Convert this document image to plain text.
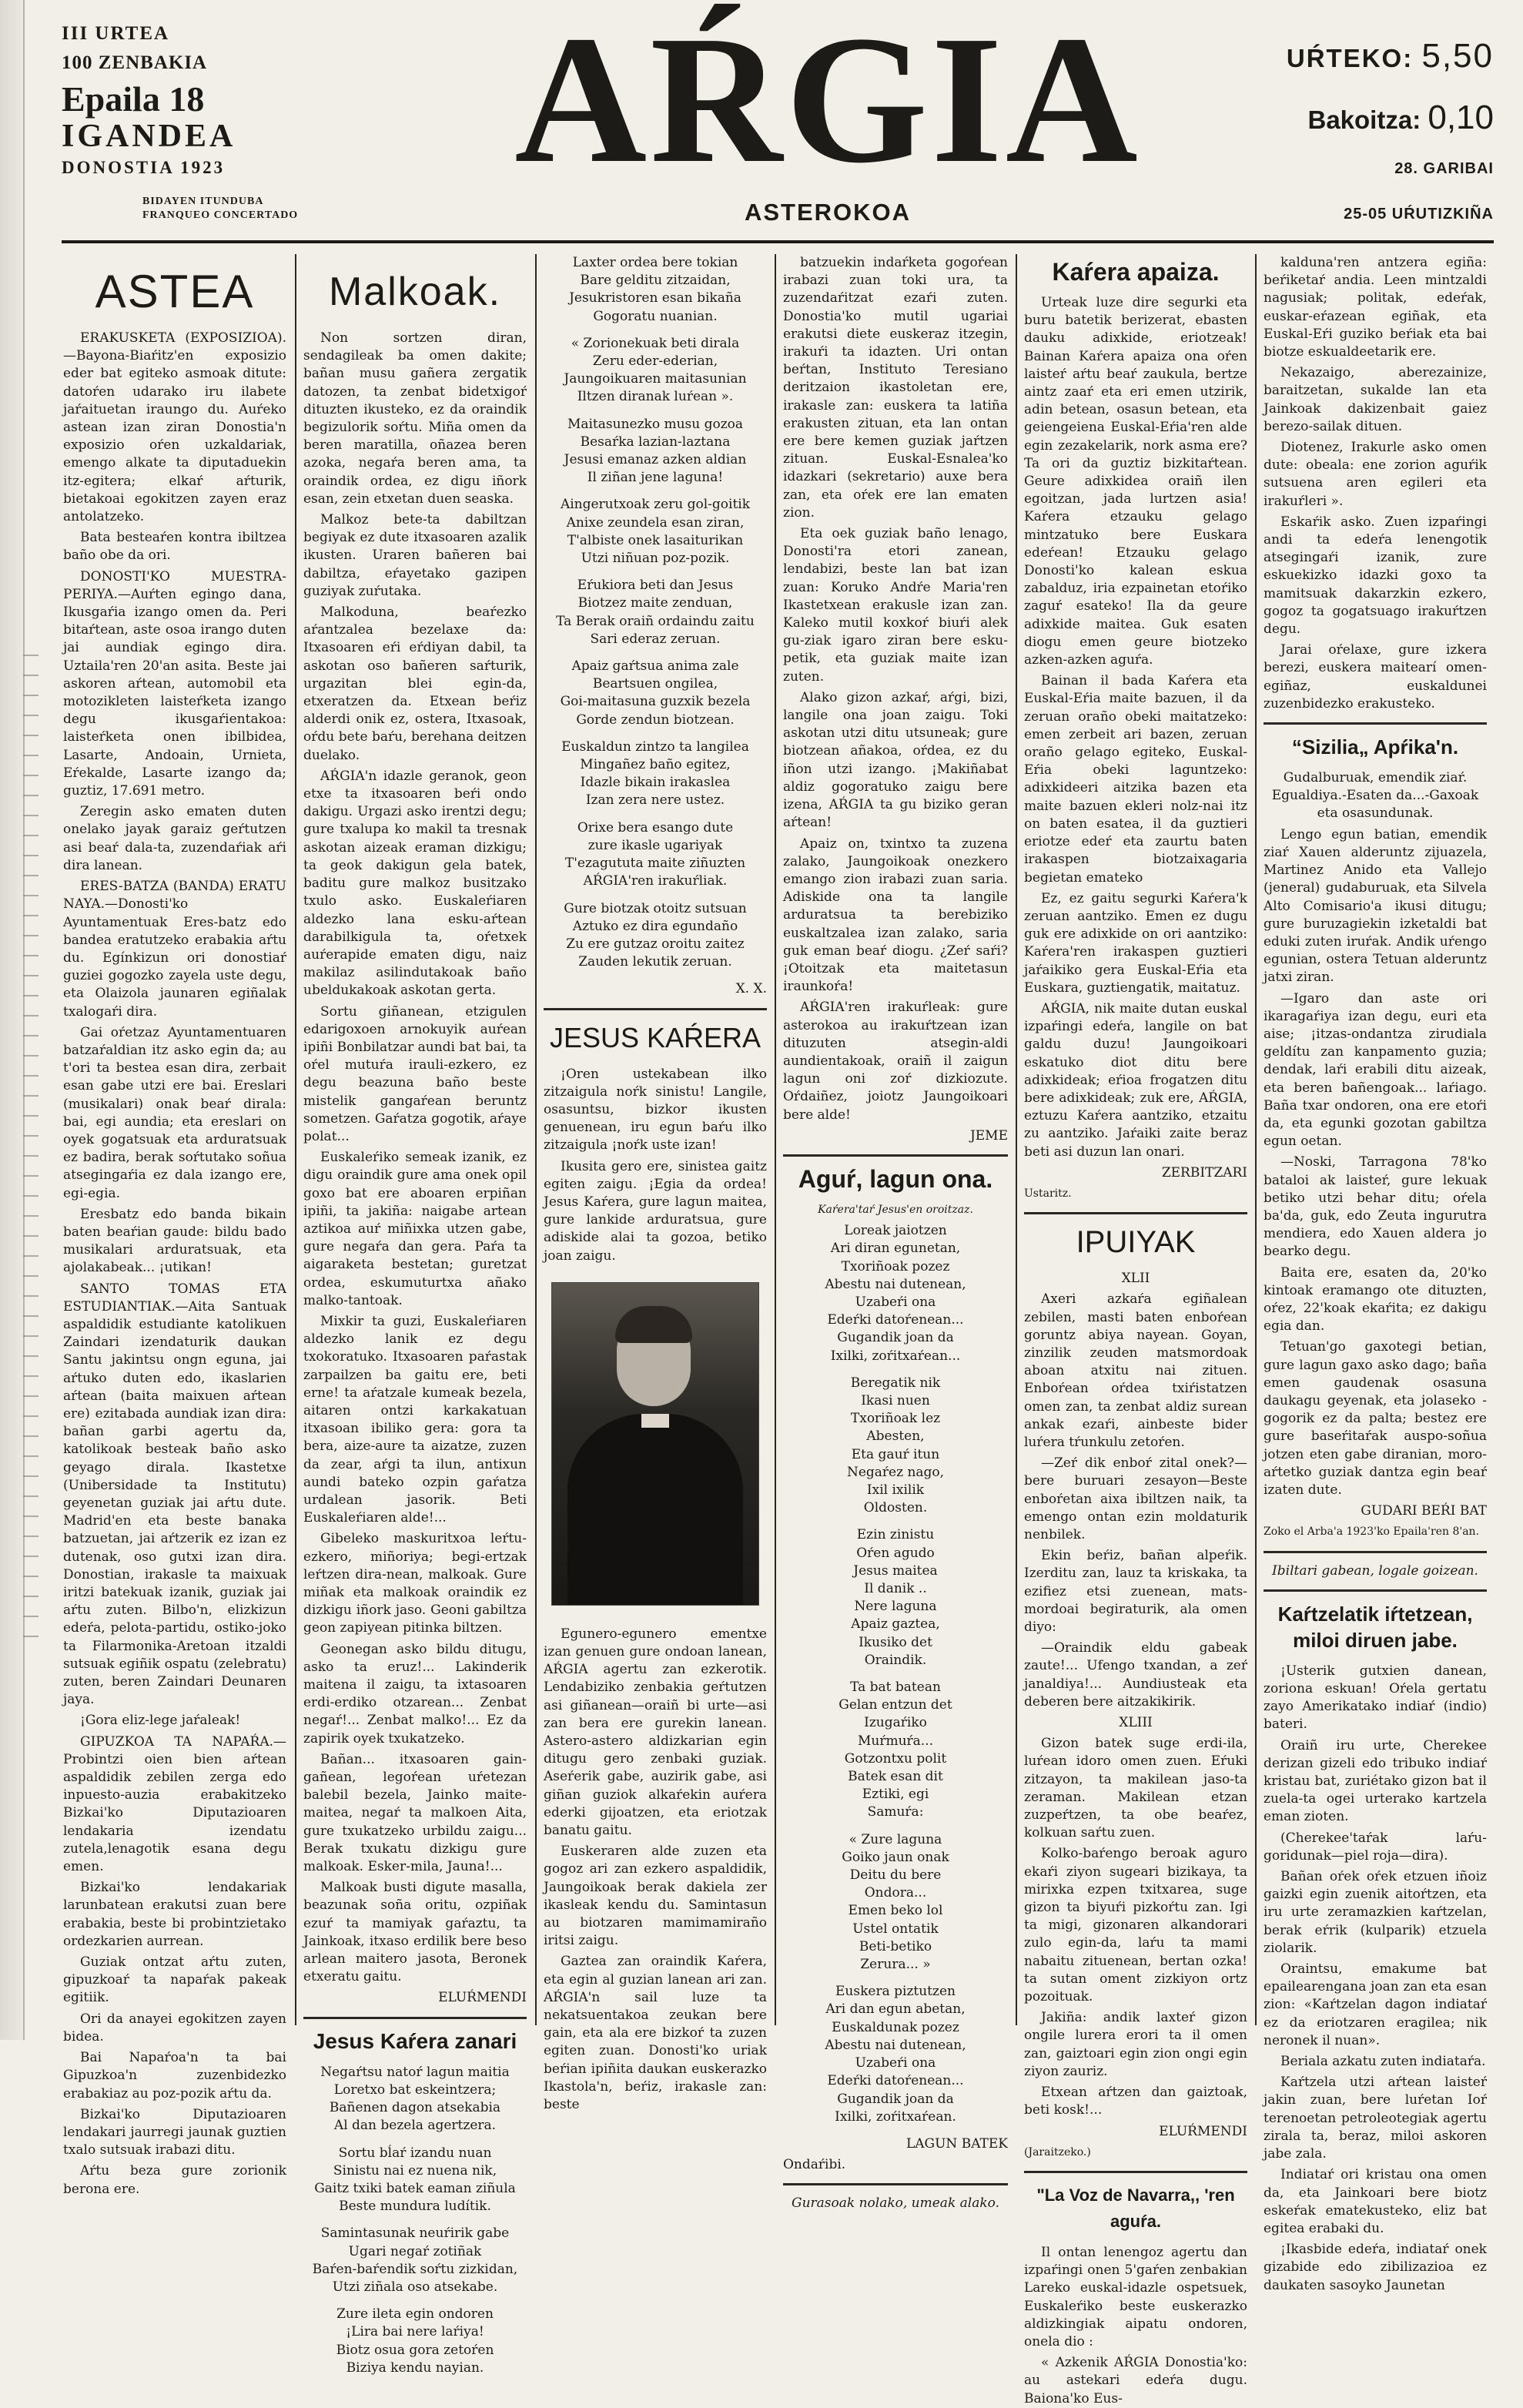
III URTEA
100 ZENBAKIA
Epaila 18
IGANDEA
DONOSTIA 1923
BIDAYEN ITUNDUBA
FRANQUEO CONCERTADO
AŔGIA
ASTEROKOA
UŔTEKO: 5,50
Bakoitza: 0,10
28. GARIBAI
25-05 UŔUTIZKIÑA
ASTEA

ERAKUSKETA (EXPOSIZIOA).—Bayona-Biaŕitz'en exposizio eder bat egiteko asmoak ditute: datoŕen udarako iru ilabete jaŕaituetan iraungo du. Auŕeko astean izan ziran Donostia'n exposizio oŕen uzkaldariak, emengo alkate ta diputaduekin itz-egitera; elkaŕ aŕturik, bietakoai egokitzen zayen eraz antolatzeko.

Bata besteaŕen kontra ibiltzea baño obe da ori.

DONOSTI'KO MUESTRA-PERIYA.—Auŕten egingo dana, Ikusgaŕia izango omen da. Peri bitaŕtean, aste osoa irango duten jai aundiak egingo dira. Uztaila'ren 20'an asita. Beste jai askoren aŕtean, automobil eta motozikleten laisteŕketa izango degu ikusgaŕientakoa: laisteŕketa onen ibilbidea, Lasarte, Andoain, Urnieta, Eŕekalde, Lasarte izango da; guztiz, 17.691 metro.

Zeregin asko ematen duten onelako jayak garaiz geŕtutzen asi beaŕ dala-ta, zuzendaŕiak aŕi dira lanean.

ERES-BATZA (BANDA) ERATU NAYA.—Donosti'ko Ayuntamentuak Eres-batz edo bandea eratutzeko erabakia aŕtu du. Egínkizun ori donostiaŕ guziei gogozko zayela uste degu, eta Olaizola jaunaren egiñalak txalogaŕi dira.

Gai oŕetzaz Ayuntamentuaren batzaŕaldian itz asko egin da; au t'ori ta bestea esan dira, zerbait esan gabe utzi ere bai. Ereslari (musikalari) onak beaŕ dirala: bai, egi aundia; eta ereslari on oyek gogatsuak eta arduratsuak ez badira, berak soŕtutako soñua atsegingaŕia ez dala izango ere, egi-egia.

Eresbatz edo banda bikain baten beaŕian gaude: bildu bado musikalari arduratsuak, eta ajolakabeak... ¡utikan!

SANTO TOMAS ETA ESTUDIANTIAK.—Aita Santuak aspaldidik estudiante katolikuen Zaindari izendaturik daukan Santu jakintsu ongn eguna, jai aŕtuko duten edo, ikaslarien aŕtean (baita maixuen aŕtean ere) ezitabada aundiak izan dira: bañan garbi agertu da, katolikoak besteak baño asko geyago dirala. Ikastetxe (Unibersidade ta Institutu) geyenetan guziak jai aŕtu dute. Madrid'en eta beste banaka batzuetan, jai aŕtzerik ez izan ez dutenak, oso gutxi izan dira. Donostian, irakasle ta maixuak iritzi batekuak izanik, guziak jai aŕtu zuten. Bilbo'n, elizkizun edeŕa, pelota-partidu, ostiko-joko ta Filarmonika-Aretoan itzaldi sutsuak egiñik ospatu (zelebratu) zuten, beren Zaindari Deunaren jaya.

¡Gora eliz-lege jaŕaleak!

GIPUZKOA TA NAPAŔA.—Probintzi oien bien aŕtean aspaldidik zebilen zerga edo inpuesto-auzia erabakitzeko Bizkai'ko Diputazioaren lendakaria izendatu zutela,lenagotik esana degu emen.

Bizkai'ko lendakariak larunbatean erakutsi zuan bere erabakia, beste bi probintzietako ordezkarien aurrean.

Guziak ontzat aŕtu zuten, gipuzkoaŕ ta napaŕak pakeak egitiik.

Ori da anayei egokitzen zayen bidea.

Bai Napaŕoa'n ta bai Gipuzkoa'n zuzenbidezko erabakiaz au poz-pozik aŕtu da.

Bizkai'ko Diputazioaren lendakari jaurregi jaunak guztien txalo sutsuak irabazi ditu.

Aŕtu beza gure zorionik berona ere.

Malkoak.

Non sortzen diran, sendagileak ba omen dakite; bañan musu gañera zergatik datozen, ta zenbat bidetxigoŕ dituzten ikusteko, ez da oraindik begizulorik soŕtu. Miña omen da beren maratilla, oñazea beren azoka, negaŕa beren ama, ta oraindik ordea, ez digu iñork esan, zein etxetan duen seaska.

Malkoz bete-ta dabiltzan begiyak ez dute itxasoaren azalik ikusten. Uraren bañeren bai dabiltza, eŕayetako gazipen guziyak zuŕutaka.

Malkoduna, beaŕezko aŕantzalea bezelaxe da: Itxasoaren eŕi eŕdiyan dabil, ta askotan oso bañeren saŕturik, urgazitan blei egin-da, etxeratzen da. Etxean beŕiz alderdi onik ez, ostera, Itxasoak, oŕdu bete baŕu, berehana deitzen duelako.

AŔGIA'n idazle geranok, geon etxe ta itxasoaren beŕi ondo dakigu. Urgazi asko irentzi degu; gure txalupa ko makil ta tresnak askotan aizeak eraman dizkigu; ta geok dakigun gela batek, baditu gure malkoz busitzako txulo asko. Euskaleŕiaren aldezko lana esku-aŕtean darabilkigula ta, oŕetxek auŕerapide ematen digu, naiz makilaz asilindutakoak baño ubeldukakoak askotan gerta.

Sortu giñanean, etzigulen edarigoxoen arnokuyik auŕean ipiñi Bonbilatzar aundi bat bai, ta oŕel mutuŕa irauli-ezkero, ez degu beazuna baño beste mistelik gangaŕean beruntz sometzen. Gaŕatza gogotik, aŕaye polat...

Euskaleŕiko semeak izanik, ez digu oraindik gure ama onek opil goxo bat ere aboaren erpiñan ipiñi, ta jakiña: naigabe artean aztikoa auŕ miñixka utzen gabe, gure negaŕa dan gera. Paŕa ta aigaraketa bestetan; guretzat ordea, eskumuturtxa añako malko-tantoak.

Mixkir ta guzi, Euskaleŕiaren aldezko lanik ez degu txokoratuko. Itxasoaren paŕastak zarpailzen ba gaitu ere, beti erne! ta aŕatzale kumeak bezela, aitaren ontzi karkakatuan itxasoan ibiliko gera: gora ta bera, aize-aure ta aizatze, zuzen da zear, aŕgi ta ilun, antixun aundi bateko ozpin gaŕatza urdalean jasorik. Beti Euskaleŕiaren alde!...

Gibeleko maskuritxoa leŕtu-ezkero, miñoriya; begi-ertzak leŕtzen dira-nean, malkoak. Gure miñak eta malkoak oraindik ez dizkigu iñork jaso. Geoni gabiltza geon zapiyean pitinka biltzen.

Geonegan asko bildu ditugu, asko ta eruz!... Lakinderik maitena il zaigu, ta ixtasoaren erdi-erdiko otzarean... Zenbat negaŕ!... Zenbat malko!... Ez da zapirik oyek txukatzeko.

Bañan... itxasoaren gain-gañean, legoŕean uŕetezan balebil bezela, Jainko maite-maitea, negaŕ ta malkoen Aita, gure txukatzeko urbildu zaigu... Berak txukatu dizkigu gure malkoak. Esker-mila, Jauna!...

Malkoak busti digute masalla, beazunak soña oritu, ozpiñak ezuŕ ta mamiyak gaŕaztu, ta Jainkoak, itxaso erdilik bere beso arlean maitero jasota, Beronek etxeratu gaitu.

ELUŔMENDI

Jesus Kaŕera zanari

Negaŕtsu natoŕ lagun maitia

Loretxo bat eskeintzera;

Bañenen dagon atsekabia

Al dan bezela agertzera.

Sortu bĺaŕ izandu nuan

Sinistu nai ez nuena nik,

Gaitz txiki batek eaman ziñula

Beste mundura ludítik.

Samintasunak neuŕirik gabe

Ugari negaŕ zotiñak

Baŕen-baŕendik soŕtu zizkidan,

Utzi ziñala oso atsekabe.

Zure ileta egin ondoren

¡Lira bai nere laŕiya!

Biotz osua gora zetoŕen

Biziya kendu nayian.

Laxter ordea bere tokian

Bare gelditu zitzaidan,

Jesukristoren esan bikaña

Gogoratu nuanian.

« Zorionekuak beti dirala

Zeru eder-ederian,

Jaungoikuaren maitasunian

Iltzen diranak luŕean ».

Maitasunezko musu gozoa

Besaŕka lazian-laztana

Jesusi emanaz azken aldian

Il ziñan jene laguna!

Aingerutxoak zeru gol-goitik

Anixe zeundela esan ziran,

T'albiste onek lasaiturikan

Utzi niñuan poz-pozik.

Eŕukiora beti dan Jesus

Biotzez maite zenduan,

Ta Berak oraiñ ordaindu zaitu

Sari ederaz zeruan.

Apaiz gaŕtsua anima zale

Beartsuen ongilea,

Goi-maitasuna guzxik bezela

Gorde zendun biotzean.

Euskaldun zintzo ta langilea

Mingañez baño egitez,

Idazle bikain irakaslea

Izan zera nere ustez.

Orixe bera esango dute

zure ikasle ugariyak

T'ezagututa maite ziñuzten

AŔGIA'ren irakuŕliak.

Gure biotzak otoitz sutsuan

Aztuko ez dira egundaño

Zu ere gutzaz oroitu zaitez

Zauden lekutik zeruan.

X. X.

JESUS KAŔERA

¡Oren ustekabean ilko zitzaigula noŕk sinistu! Langile, osasuntsu, bizkor ikusten genuenean, iru egun baŕu ilko zitzaigula ¡noŕk uste izan!

Ikusita gero ere, sinistea gaitz egiten zaigu. ¡Egia da ordea! Jesus Kaŕera, gure lagun maitea, gure lankide arduratsua, gure adiskide alai ta gozoa, betiko joan zaigu.

Egunero-egunero ementxe izan genuen gure ondoan lanean, AŔGIA agertu zan ezkerotik. Lendabiziko zenbakia geŕtutzen asi giñanean—oraiñ bi urte—asi zan bera ere gurekin lanean. Astero-astero aldizkarian egin ditugu gero zenbaki guziak. Aseŕerik gabe, auzirik gabe, asi giñan guziok alkaŕekin auŕera ederki gijoatzen, eta eriotzak banatu gaitu.

Euskeraren alde zuzen eta gogoz ari zan ezkero aspaldidik, Jaungoikoak berak dakiela zer ikasleak kendu du. Samintasun au biotzaren mamimamiraño iritsi zaigu.

Gaztea zan oraindik Kaŕera, eta egin al guzian lanean ari zan. AŔGIA'n sail luze ta nekatsuentakoa zeukan bere gain, eta ala ere bizkoŕ ta zuzen egiten zuan. Donosti'ko uriak beŕian ipiñita daukan euskerazko Ikastola'n, beŕiz, irakasle zan: beste

batzuekin indaŕketa gogoŕean irabazi zuan toki ura, ta zuzendaŕitzat ezaŕi zuten. Donostia'ko mutil ugariai erakutsi diete euskeraz itzegin, irakuŕi ta idazten. Uri ontan beŕtan, Instituto Teresiano deritzaion ikastoletan ere, irakasle zan: euskera ta latiña erakusten zituan, eta lan ontan ere bere kemen guziak jaŕtzen zituan. Euskal-Esnalea'ko idazkari (sekretario) auxe bera zan, eta oŕek ere lan ematen zion.

Eta oek guziak baño lenago, Donosti'ra etori zanean, lendabizi, beste lan bat izan zuan: Koruko Andŕe Maria'ren Ikastetxean erakusle izan zan. Kaleko mutil koxkoŕ biuŕi alek gu-ziak igaro ziran bere esku-petik, eta guziak maite izan zuten.

Alako gizon azkaŕ, aŕgi, bizi, langile ona joan zaigu. Toki askotan utzi ditu utsuneak; gure biotzean añakoa, oŕdea, ez du iñon utzi izango. ¡Makiñabat aldiz gogoratuko zaigu bere izena, AŔGIA ta gu biziko geran aŕtean!

Apaiz on, txintxo ta zuzena zalako, Jaungoikoak onezkero emango zion irabazi zuan saria. Adiskide ona ta langile arduratsua ta berebiziko euskaltzalea izan zalako, saria guk eman beaŕ diogu. ¿Zeŕ saŕi? ¡Otoitzak eta maitetasun iraunkoŕa!

AŔGIA'ren irakuŕleak: gure asterokoa au irakuŕtzean izan dituzuten atsegin-aldi aundientakoak, oraiñ il zaigun lagun oni zoŕ dizkiozute. Oŕdaiñez, joiotz Jaungoikoari bere alde!

JEME

Aguŕ, lagun ona.

Kaŕera'taŕ Jesus'en oroitzaz.

Loreak jaiotzen

Ari diran egunetan,

Txoriñoak pozez

Abestu nai dutenean,

Uzabeŕi ona

Edeŕki datoŕenean...

Gugandik joan da

Ixilki, zoŕitxaŕean...

Beregatik nik

Ikasi nuen

Txoriñoak lez

Abesten,

Eta gauŕ itun

Negaŕez nago,

Ixil ixilik

Oldosten.

Ezin zinistu

Oŕen agudo

Jesus maitea

Il danik ..

Nere laguna

Apaiz gaztea,

Ikusiko det

Oraindik.

Ta bat batean

Gelan entzun det

Izugaŕiko

Muŕmuŕa...

Gotzontxu polit

Batek esan dit

Eztiki, egi

Samuŕa:

« Zure laguna

Goiko jaun onak

Deitu du bere

Ondora...

Emen beko lol

Ustel ontatik

Beti-betiko

Zerura... »

Euskera piztutzen

Ari dan egun abetan,

Euskaldunak pozez

Abestu nai dutenean,

Uzabeŕi ona

Edeŕki datoŕenean...

Gugandik joan da

Ixilki, zoŕitxaŕean.

LAGUN BATEK

Ondaŕibi.

Gurasoak nolako, umeak alako.

Kaŕera apaiza.

Urteak luze dire segurki eta buru batetik berizerat, ebasten dauku adixkide, eriotzeak! Bainan Kaŕera apaiza ona oŕen laisteŕ aŕtu beaŕ zaukula, bertze aintz zaaŕ eta eri emen utzirik, adin betean, osasun betean, eta geiengeiena Euskal-Eŕia'ren alde egin zezakelarik, nork asma ere? Ta ori da guztiz bizkitaŕtean. Geure adixkidea oraiñ ilen egoitzan, jada lurtzen asia! Kaŕera etzauku gelago mintzatuko bere Euskara edeŕean! Etzauku gelago Donosti'ko kalean eskua zabalduz, iria ezpainetan etoŕiko zaguŕ esateko! Ila da geure adixkide maitea. Guk esaten diogu emen geure biotzeko azken-azken aguŕa.

Bainan il bada Kaŕera eta Euskal-Eŕia maite bazuen, il da zeruan oraño obeki maitatzeko: emen zerbeit ari bazen, zeruan oraño gelago egiteko, Euskal-Eŕia obeki laguntzeko: adixkideeri aitzika bazen eta maite bazuen ekleri nolz-nai itz on baten esatea, il da guztieri eriotze edeŕ eta zaurtu baten irakaspen biotzaixagaria begietan ematekо

Ez, ez gaitu segurki Kaŕera'k zeruan aantziko. Emen ez dugu guk ere adixkide on ori aantziko: Kaŕera'ren irakaspen guztieri jaŕaikiko gera Euskal-Eŕia eta Euskara, guztiengatik, maitatuz.

AŔGIA, nik maite dutan euskal izpaŕingi edeŕa, langile on bat galdu duzu! Jaungoikoari eskatuko diot ditu bere adixkideak; eŕioa frogatzen ditu bere adixkideak; zuk ere, AŔGIA, eztuzu Kaŕera aantziko, etzaitu zu aantziko. Jaŕaiki zaite beraz beti asi duzun lan onari.

ZERBITZARI

Ustaritz.

IPUIYAK

XLII

Axeri azkaŕa egiñalean zebilen, masti baten enboŕean goruntz abiya nayean. Goyan, zinzilik zeuden matsmordoak aboan atxitu nai zituen. Enboŕean oŕdea txiŕistatzen omen zan, ta zenbat aldiz surean ankak ezaŕi, ainbeste bider luŕera tŕunkulu zetoŕen.

—Zeŕ dik enboŕ zital onek?—bere buruari zesayon—Beste enboŕetan aixa ibiltzen naik, ta emengo ontan ezin moldaturik nenbilek.

Ekin beŕiz, bañan alpeŕik. Izerditu zan, lauz ta kriskaka, ta ezifiez etsi zuenean, mats-mordoai begiraturik, ala omen diyo:

—Oraindik eldu gabeak zaute!... Ufengo txandan, a zeŕ janaldiya!... Aundiusteak eta deberen bere aitzakikirik.

XLIII

Gizon batek suge erdi-ila, luŕean idoro omen zuen. Eŕuki zitzayon, ta makilean jaso-ta zeraman. Makilean etzan zuzpeŕtzen, ta obe beaŕez, kolkuan saŕtu zuen.

Kolko-baŕengo beroak aguro ekaŕi ziyon sugeari bizikaya, ta mirixka ezpen txitxarea, suge gizon ta biyuŕi pizkoŕtu zan. Igi ta migi, gizonaren alkandorari zulo egin-da, laŕu ta mami nabaitu zituenean, bertan ozka! ta sutan oment zizkiyon ortz pozoituak.

Jakiña: andik laxteŕ gizon ongile lurera erori ta il omen zan, gaiztoari egin zion ongi egin ziyon zauriz.

Etxean aŕtzen dan gaiztoak, beti kosk!...

ELUŔMENDI

(Jaraitzeko.)

"La Voz de Navarra,, 'ren aguŕa.

Il ontan lenengoz agertu dan izpaŕingi onen 5'gaŕen zenbakian Lareko euskal-idazle ospetsuek, Euskaleŕiko beste euskerazko aldizkingiak aipatu ondoren, onela dio :

« Azkenik AŔGIA Donostia'ko: au astekari edeŕa dugu. Baiona'ko Eus-

kalduna'ren antzera egiña: beŕiketaŕ andia. Leen mintzaldi nagusiak; politak, edeŕak, euskar-eŕazean egiñak, eta Euskal-Eŕi guziko beŕiak eta bai biotze eskualdeetarik ere.

Nekazaigo, aberezainize, baraitzetan, sukalde lan eta Jainkoak dakizenbait gaiez berezo-sailak dituen.

Diotenez, Irakurle asko omen dute: obeala: ene zorion aguŕik sutsuena aren egileri eta irakuŕleri ».

Eskaŕik asko. Zuen izpaŕingi andi ta edeŕa lenengotik atsegingaŕi izanik, zure eskuekizko idazki goxo ta mamitsuak dakarzkin ezkero, gogoz ta gogatsuago irakuŕtzen degu.

Jarai oŕelaxe, gure izkera berezi, euskera maitearí omen-egiñaz, euskaldunei zuzenbidezko erakusteko.

“Sizilia„ Apŕika'n.

Gudalburuak, emendik ziaŕ. Egualdiya.-Esaten da...-Gaxoak eta osasundunak.

Lengo egun batian, emendik ziaŕ Xauen alderuntz zijuazela, Martinez Anido eta Vallejo (jeneral) gudaburuak, eta Silvela Alto Comisario'a ikusi ditugu; gure buruzagiekin izketaldi bat eduki zuten iruŕak. Andik uŕengo egunian, ostera Tetuan alderuntz jatxi ziran.

—Igaro dan aste ori ikaragaŕiya izan degu, euri eta aise; ¡itzas-ondantza zirudiala geldítu zan kanpamento guzia; dendak, laŕi erabili ditu aizeak, eta beren bañengoak... laŕiago. Baña txar ondoren, ona ere etoŕi da, eta egunki gozotan gabiltza egun oetan.

—Noski, Tarragona 78'ko bataloi ak laisteŕ, gure lekuak betiko utzi behar ditu; oŕela ba'da, guk, edo Zeuta ingurutra mendiera, edo Xauen aldera jo bearko degu.

Baita ere, esaten da, 20'ko kintoak eramango ote dituzten, oŕez, 22'koak ekaŕita; ez dakigu egia dan.

Tetuan'go gaxotegi betian, gure lagun gaxo asko dago; baña emen gaudenak osasuna daukagu geyenak, eta jolaseko -gogorik ez da palta; bestez ere gure baseŕitaŕak auspo-soñua jotzen eten gabe diranian, moro-aŕtetko guziak dantza egin beaŕ izaten dute.

GUDARI BEŔI BAT

Zoko el Arba'a 1923'ko Epaila'ren 8'an.

Ibiltari gabean, logale goizean.

Kaŕtzelatik iŕtetzean, miloi diruen jabe.

¡Usterik gutxien danean, zoriona eskuan! Oŕela gertatu zayo Amerikatako indiaŕ (indio) bateri.

Oraiñ iru urte, Cherekee derizan gizeli edo tribuko indiaŕ kristau bat, zuriétako gizon bat il zuela-ta ogei urterako kartzela eman zioten.

(Cherekee'taŕak laŕu-goridunak—piel roja—dira).

Bañan oŕek oŕek etzuen iñoiz gaizki egin zuenik aitoŕtzen, eta iru urte zeramazkien kaŕtzelan, berak eŕrik (kulparik) etzuela ziolarik.

Oraintsu, emakume bat epailearengana joan zan eta esan zion: «Kaŕtzelan dagon indiataŕ ez da eriotzaren eragilea; nik neronek il nuan».

Beriala azkatu zuten indiataŕa.

Kaŕtzela utzi aŕtean laisteŕ jakin zuan, bere luŕetan Ioŕ terenoetan petroleotegiak agertu zirala ta, beraz, miloi askoren jabe zala.

Indiataŕ ori kristau ona omen da, eta Jainkoari bere biotz eskeŕak ematekusteko, eliz bat egitea erabaki du.

¡Ikasbide edeŕa, indiataŕ onek gizabide edo zibilizazioa ez daukaten sasoyko Jaunetan
